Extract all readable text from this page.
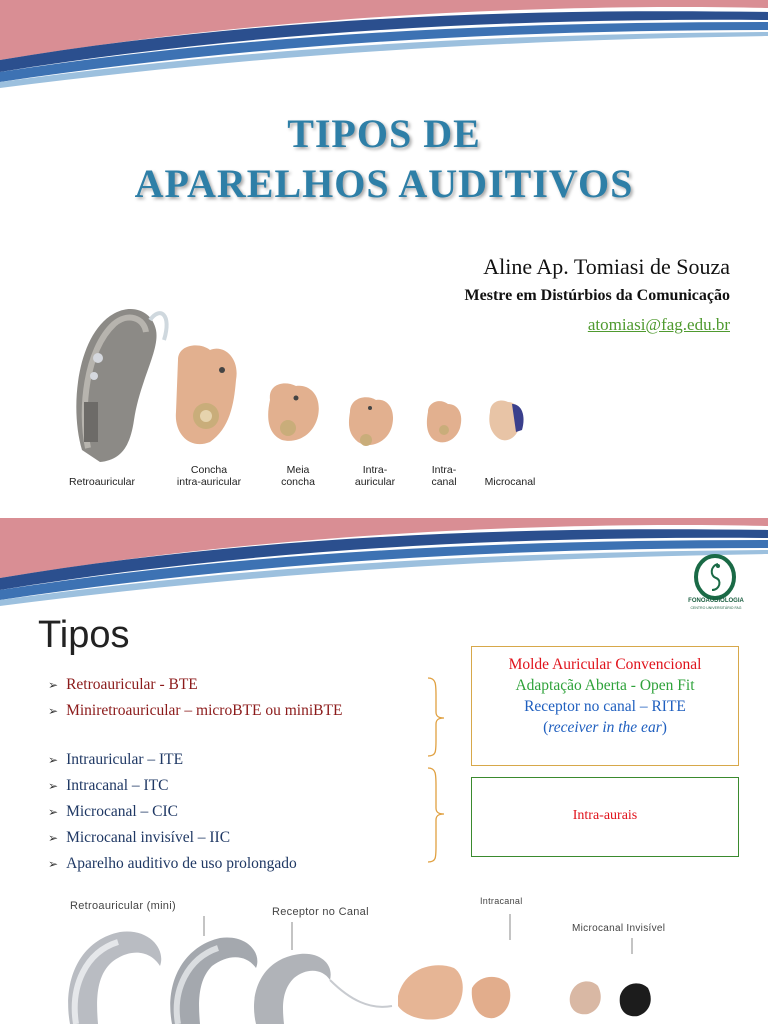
TIPOS DE
APARELHOS AUDITIVOS
Aline Ap. Tomiasi de Souza
Mestre em Distúrbios da Comunicação
atomiasi@fag.edu.br
Retroauricular
Concha
intra-auricular
Meia
concha
Intra-
auricular
Intra-
canal	Microcanal
FONOAUDIOLOGIA
CENTRO UNIVERSITÁRIO FAG
Tipos
➢ Retroauricular - BTE
➢ Miniretroauricular – microBTE ou miniBTE
➢ Intrauricular – ITE
➢ Intracanal – ITC
➢ Microcanal – CIC
➢ Microcanal invisível – IIC
➢ Aparelho auditivo de uso prolongado
Molde Auricular Convencional
Adaptação Aberta - Open Fit
Receptor no canal – RITE
(receiver in the ear)
Intra-aurais
Retroauricular (mini)	Receptor no Canal
Intracanal
Microcanal Invisível
